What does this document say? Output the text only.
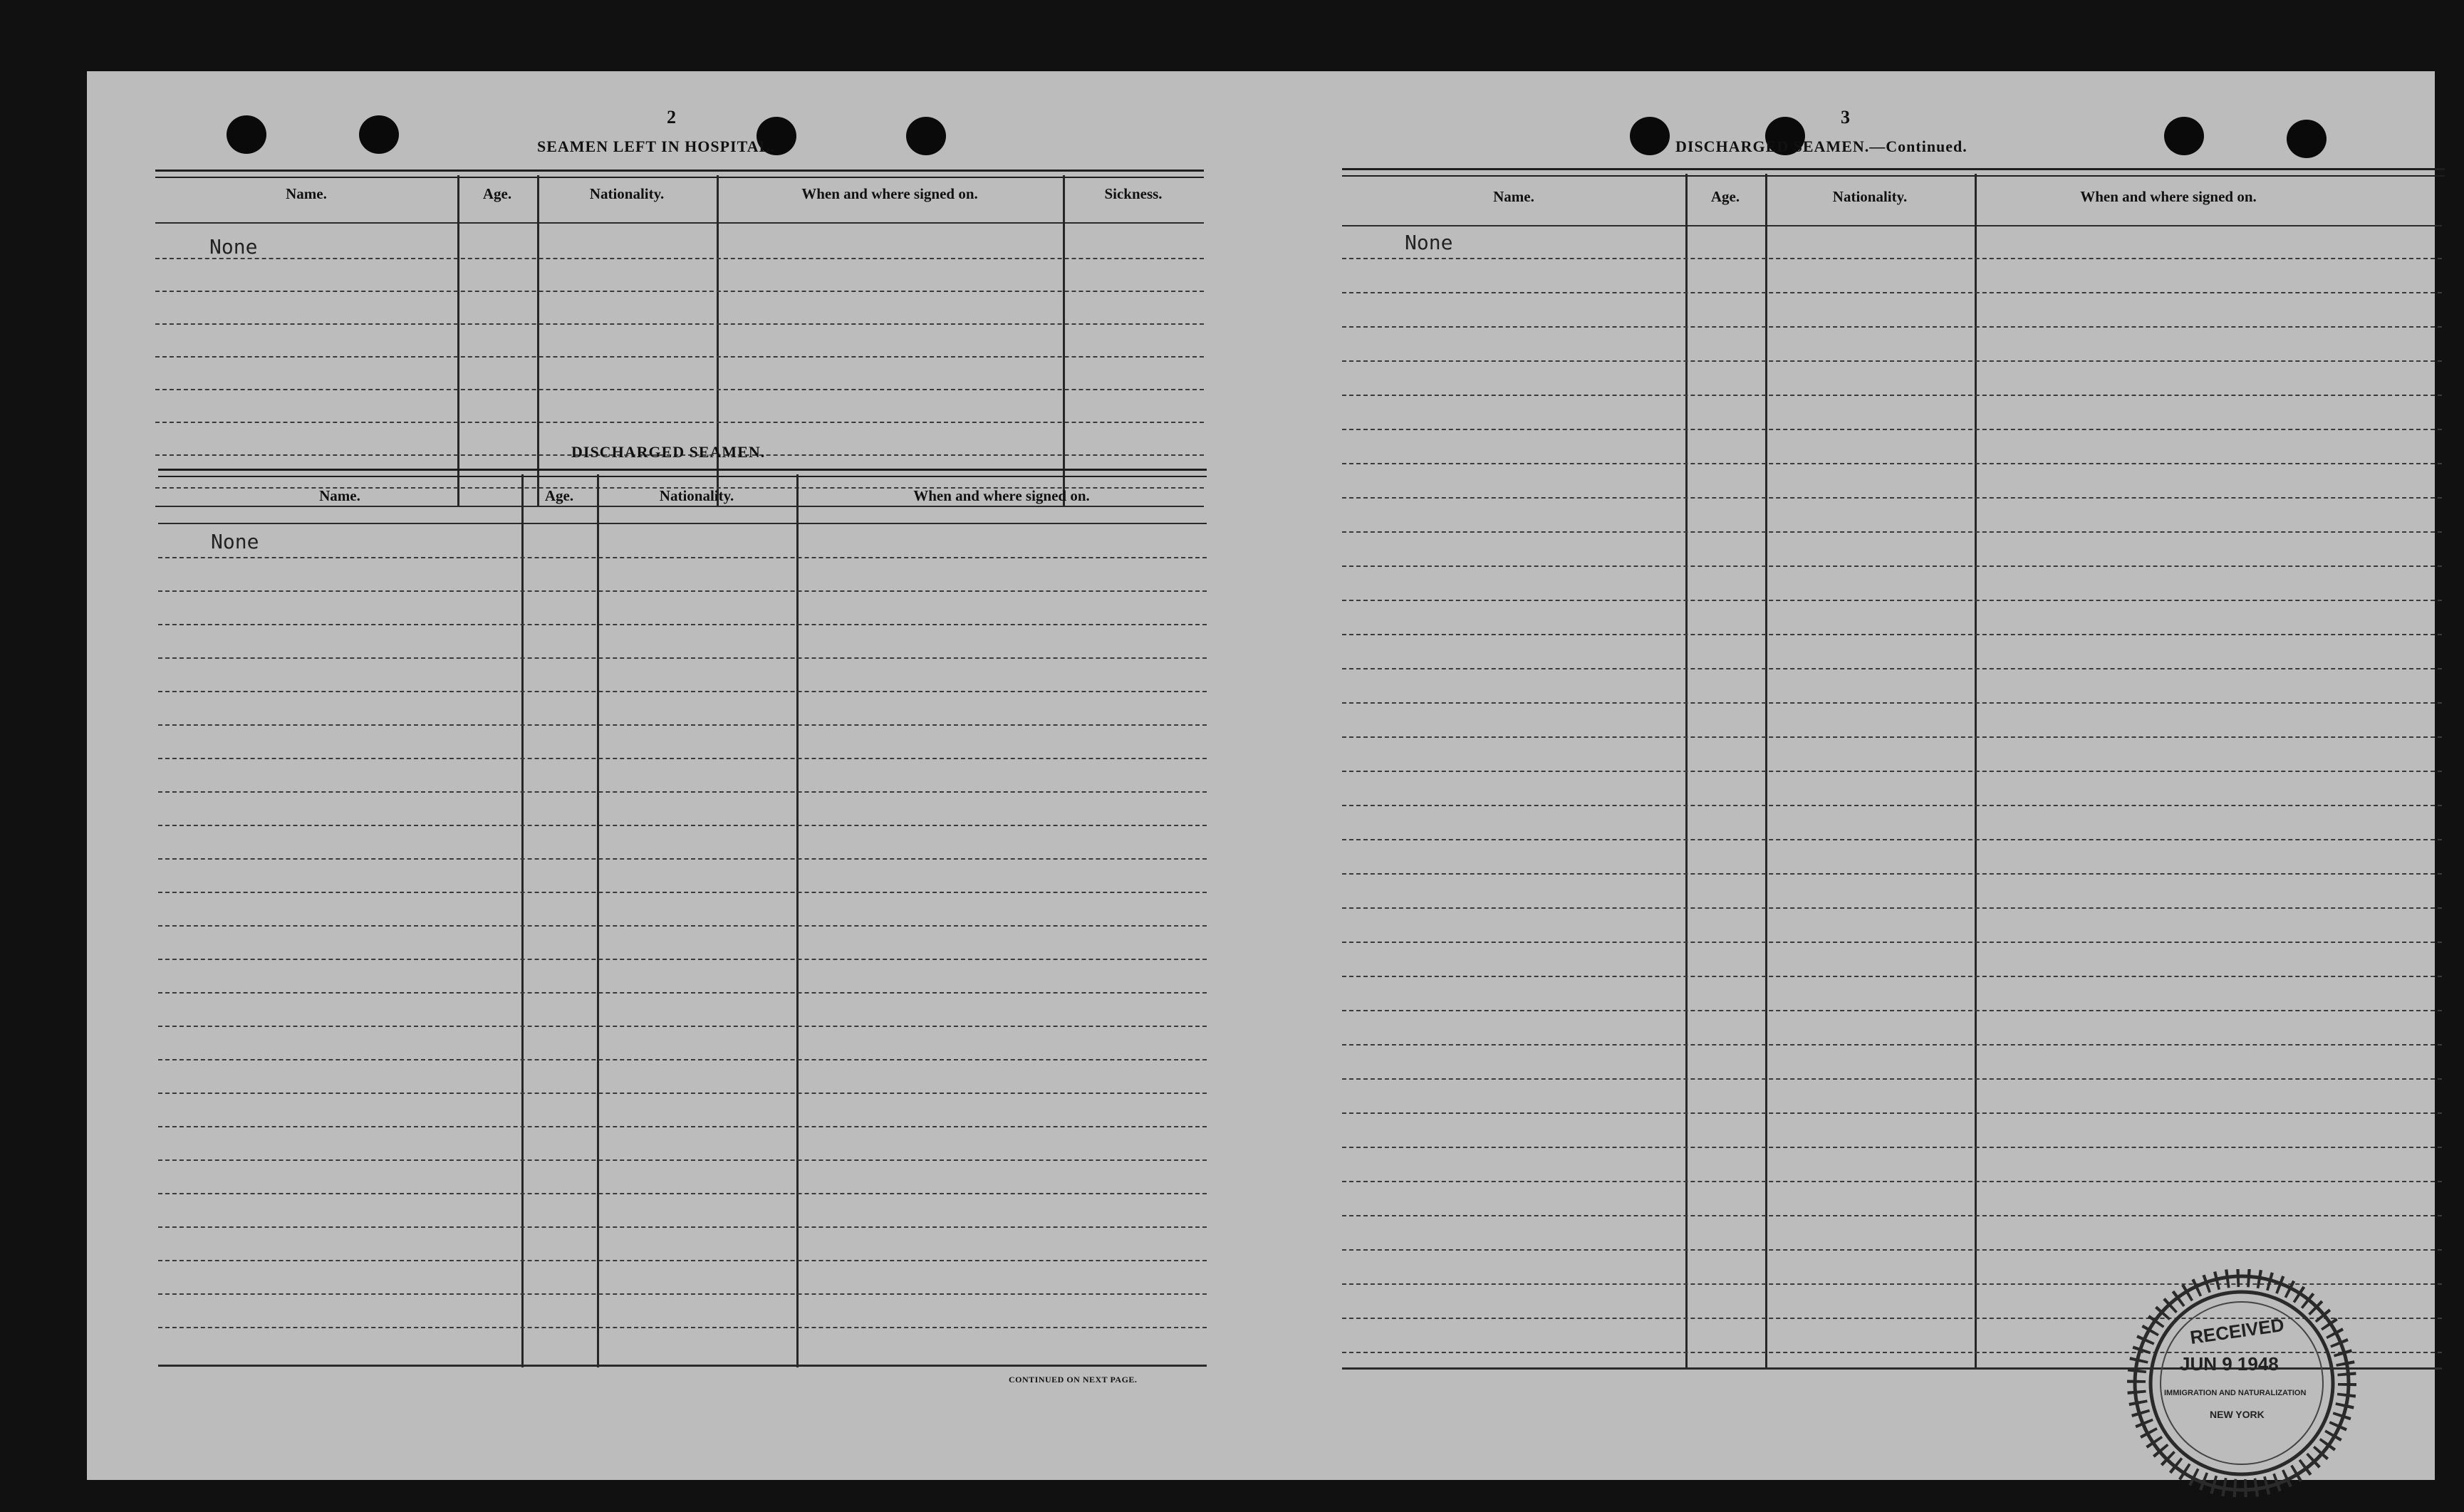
2
SEAMEN LEFT IN HOSPITAL.
Name.	Age.	Nationality.	When and where signed on.	Sickness.
None
DISCHARGED SEAMEN.
Name.	Age.	Nationality.	When and where signed on.
None
CONTINUED ON NEXT PAGE.
3
DISCHARGED SEAMEN.—Continued.
Name.	Age.	Nationality.	When and where signed on.
None
RECEIVED
JUN 9 1948
IMMIGRATION AND NATURALIZATION
NEW YORK
